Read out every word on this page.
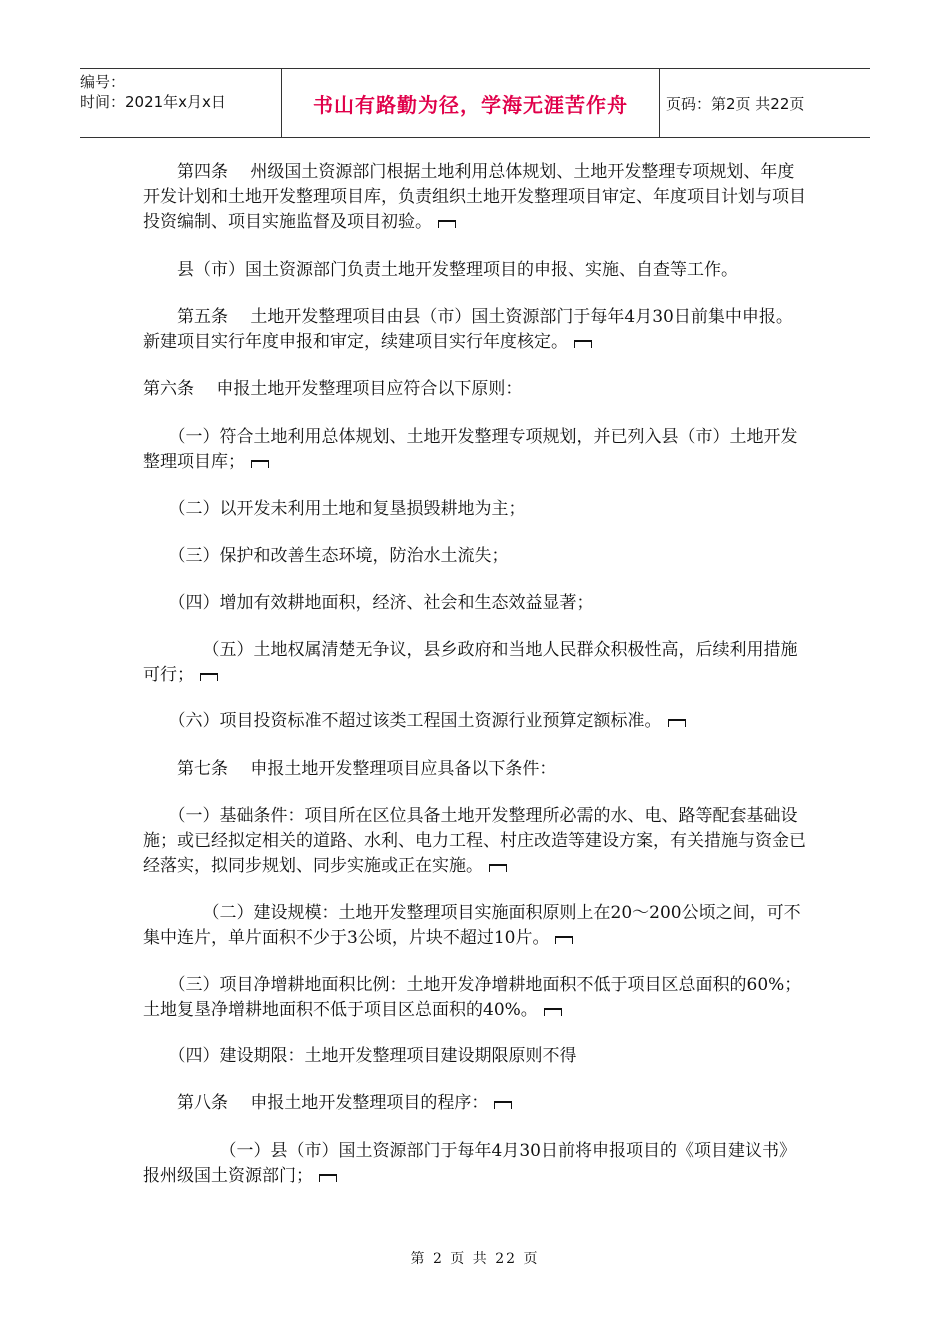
编号：
时间：2021年x月x日	书山有路勤为径，学海无涯苦作舟	页码：第2页 共22页

　　第四条　 州级国土资源部门根据土地利用总体规划、土地开发整理专项规划、年度开发计划和土地开发整理项目库，负责组织土地开发整理项目审定、年度项目计划与项目投资编制、项目实施监督及项目初验。

　　县（市）国土资源部门负责土地开发整理项目的申报、实施、自查等工作。

　　第五条　 土地开发整理项目由县（市）国土资源部门于每年4月30日前集中申报。新建项目实行年度申报和审定，续建项目实行年度核定。

第六条　 申报土地开发整理项目应符合以下原则：

　　（一）符合土地利用总体规划、土地开发整理专项规划，并已列入县（市）土地开发整理项目库；

　　（二）以开发未利用土地和复垦损毁耕地为主；

　　（三）保护和改善生态环境，防治水土流失；

　　（四）增加有效耕地面积，经济、社会和生态效益显著；

　　　　（五）土地权属清楚无争议，县乡政府和当地人民群众积极性高，后续利用措施可行；

　　（六）项目投资标准不超过该类工程国土资源行业预算定额标准。

　　第七条　 申报土地开发整理项目应具备以下条件：

　　（一）基础条件：项目所在区位具备土地开发整理所必需的水、电、路等配套基础设施；或已经拟定相关的道路、水利、电力工程、村庄改造等建设方案，有关措施与资金已经落实，拟同步规划、同步实施或正在实施。

　　　　（二）建设规模：土地开发整理项目实施面积原则上在20～200公顷之间，可不集中连片，单片面积不少于3公顷，片块不超过10片。

　　（三）项目净增耕地面积比例：土地开发净增耕地面积不低于项目区总面积的60%；土地复垦净增耕地面积不低于项目区总面积的40%。

　　（四）建设期限：土地开发整理项目建设期限原则不得

　　第八条　 申报土地开发整理项目的程序：

　　　　　（一）县（市）国土资源部门于每年4月30日前将申报项目的《项目建议书》报州级国土资源部门；

第 2 页 共 22 页
